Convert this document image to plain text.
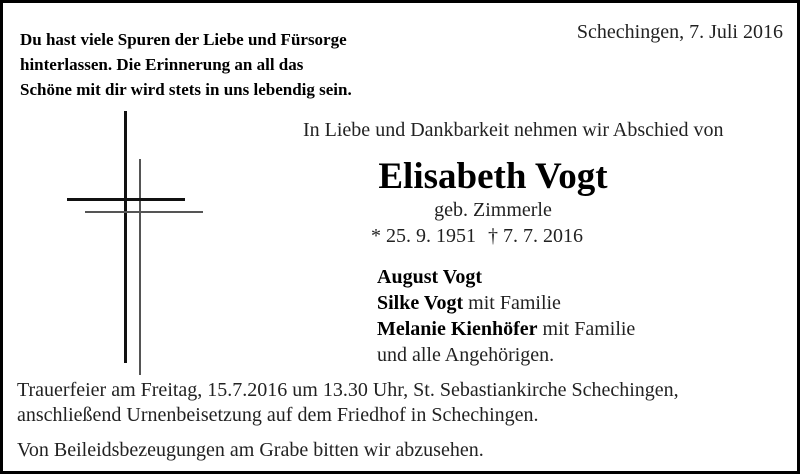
Du hast viele Spuren der Liebe und Fürsorge
hinterlassen. Die Erinnerung an all das
Schöne mit dir wird stets in uns lebendig sein.
Schechingen, 7. Juli 2016
In Liebe und Dankbarkeit nehmen wir Abschied von
Elisabeth Vogt
geb. Zimmerle
* 25. 9. 1951 † 7. 7. 2016
August Vogt
Silke Vogt mit Familie
Melanie Kienhöfer mit Familie
und alle Angehörigen.
Trauerfeier am Freitag, 15.7.2016 um 13.30 Uhr, St. Sebastiankirche Schechingen,
anschließend Urnenbeisetzung auf dem Friedhof in Schechingen.
Von Beileidsbezeugungen am Grabe bitten wir abzusehen.
